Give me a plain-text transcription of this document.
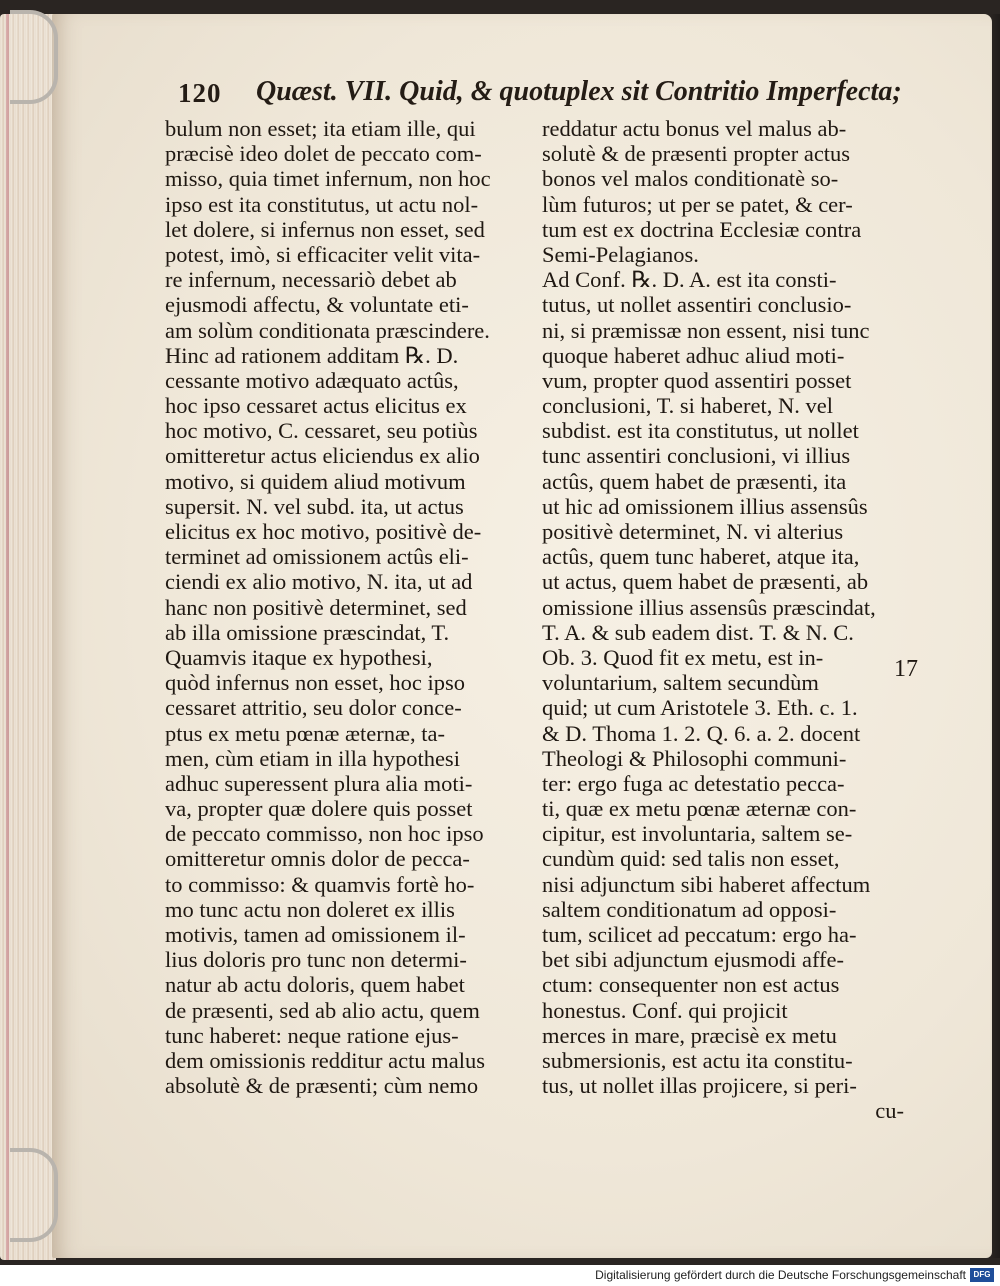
120 Quæst. VII. Quid, & quotuplex sit Contritio Imperfecta;
bulum non esset; ita etiam ille, qui
præcisè ideo dolet de peccato com-
misso, quia timet infernum, non hoc
ipso est ita constitutus, ut actu nol-
let dolere, si infernus non esset, sed
potest, imò, si efficaciter velit vita-
re infernum, necessariò debet ab
ejusmodi affectu, & voluntate eti-
am solùm conditionata præscindere.
Hinc ad rationem additam ℞. D.
cessante motivo adæquato actûs,
hoc ipso cessaret actus elicitus ex
hoc motivo, C. cessaret, seu potiùs
omitteretur actus eliciendus ex alio
motivo, si quidem aliud motivum
supersit. N. vel subd. ita, ut actus
elicitus ex hoc motivo, positivè de-
terminet ad omissionem actûs eli-
ciendi ex alio motivo, N. ita, ut ad
hanc non positivè determinet, sed
ab illa omissione præscindat, T.
Quamvis itaque ex hypothesi,
quòd infernus non esset, hoc ipso
cessaret attritio, seu dolor conce-
ptus ex metu pœnæ æternæ, ta-
men, cùm etiam in illa hypothesi
adhuc superessent plura alia moti-
va, propter quæ dolere quis posset
de peccato commisso, non hoc ipso
omitteretur omnis dolor de pecca-
to commisso: & quamvis fortè ho-
mo tunc actu non doleret ex illis
motivis, tamen ad omissionem il-
lius doloris pro tunc non determi-
natur ab actu doloris, quem habet
de præsenti, sed ab alio actu, quem
tunc haberet: neque ratione ejus-
dem omissionis redditur actu malus
absolutè & de præsenti; cùm nemo
reddatur actu bonus vel malus ab-
solutè & de præsenti propter actus
bonos vel malos conditionatè so-
lùm futuros; ut per se patet, & cer-
tum est ex doctrina Ecclesiæ contra
Semi-Pelagianos.
Ad Conf. ℞. D. A. est ita consti-
tutus, ut nollet assentiri conclusio-
ni, si præmissæ non essent, nisi tunc
quoque haberet adhuc aliud moti-
vum, propter quod assentiri posset
conclusioni, T. si haberet, N. vel
subdist. est ita constitutus, ut nollet
tunc assentiri conclusioni, vi illius
actûs, quem habet de præsenti, ita
ut hic ad omissionem illius assensûs
positivè determinet, N. vi alterius
actûs, quem tunc haberet, atque ita,
ut actus, quem habet de præsenti, ab
omissione illius assensûs præscindat,
T. A. & sub eadem dist. T. & N. C.
Ob. 3. Quod fit ex metu, est in-
voluntarium, saltem secundùm
quid; ut cum Aristotele 3. Eth. c. 1.
& D. Thoma 1. 2. Q. 6. a. 2. docent
Theologi & Philosophi communi-
ter: ergo fuga ac detestatio pecca-
ti, quæ ex metu pœnæ æternæ con-
cipitur, est involuntaria, saltem se-
cundùm quid: sed talis non esset,
nisi adjunctum sibi haberet affectum
saltem conditionatum ad opposi-
tum, scilicet ad peccatum: ergo ha-
bet sibi adjunctum ejusmodi affe-
ctum: consequenter non est actus
honestus. Conf. qui projicit
merces in mare, præcisè ex metu
submersionis, est actu ita constitu-
tus, ut nollet illas projicere, si peri-
cu-
17
Digitalisierung gefördert durch die Deutsche Forschungsgemeinschaft DFG
